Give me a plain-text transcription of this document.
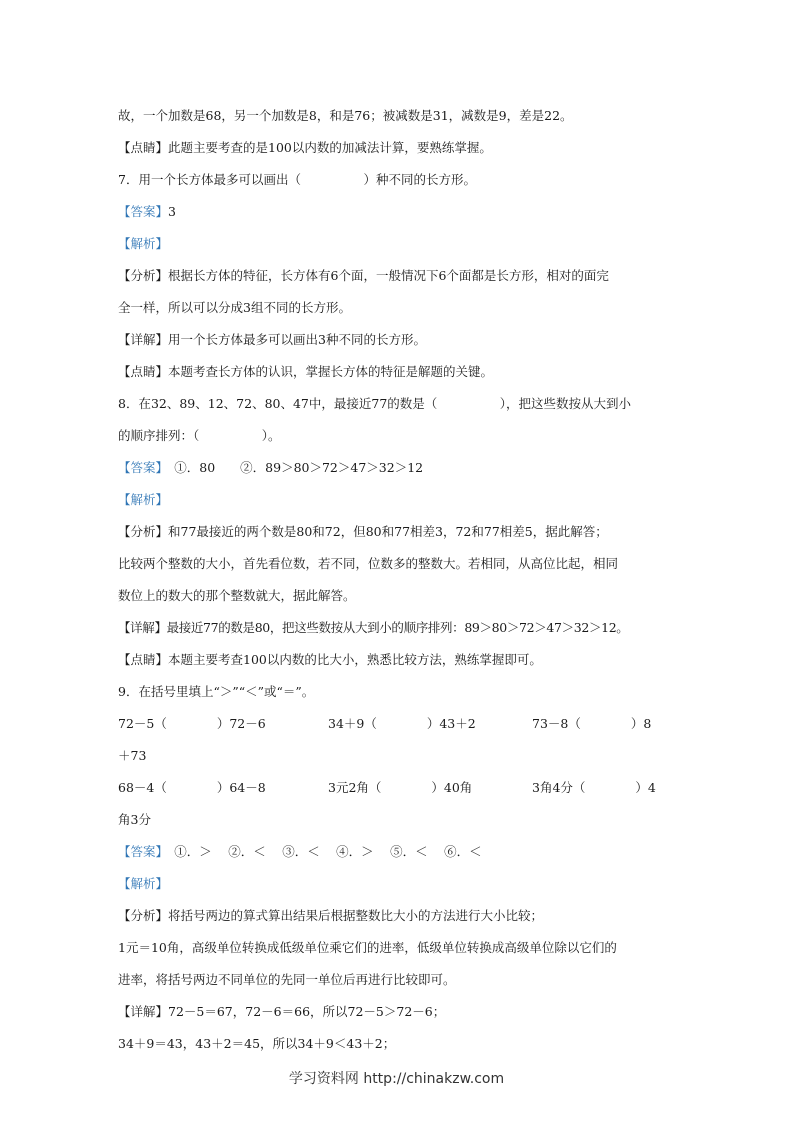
故，一个加数是68，另一个加数是8，和是76；被减数是31，减数是9，差是22。
【点睛】此题主要考查的是100以内数的加减法计算，要熟练掌握。
7．用一个长方体最多可以画出（　　　　　）种不同的长方形。
【答案】3
【解析】
【分析】根据长方体的特征，长方体有6个面，一般情况下6个面都是长方形，相对的面完
全一样，所以可以分成3组不同的长方形。
【详解】用一个长方体最多可以画出3种不同的长方形。
【点睛】本题考查长方体的认识，掌握长方体的特征是解题的关键。
8．在32、89、12、72、80、47中，最接近77的数是（　　　　　），把这些数按从大到小
的顺序排列：（　　　　　）。
【答案】　①．80　　②．89＞80＞72＞47＞32＞12
【解析】
【分析】和77最接近的两个数是80和72，但80和77相差3，72和77相差5，据此解答；
比较两个整数的大小，首先看位数，若不同，位数多的整数大。若相同，从高位比起，相同
数位上的数大的那个整数就大，据此解答。
【详解】最接近77的数是80，把这些数按从大到小的顺序排列：89＞80＞72＞47＞32＞12。
【点睛】本题主要考查100以内数的比大小，熟悉比较方法，熟练掌握即可。
9．在括号里填上“＞”“＜”或“＝”。
72－5（　　　　）72－6	34＋9（　　　　）43＋2	73－8（　　　　）8
＋73
68－4（　　　　）64－8	3元2角（　　　　）40角	3角4分（　　　　）4
角3分
【答案】　①．＞　 ②．＜　 ③．＜　 ④．＞　 ⑤．＜　 ⑥．＜
【解析】
【分析】将括号两边的算式算出结果后根据整数比大小的方法进行大小比较；
1元＝10角，高级单位转换成低级单位乘它们的进率，低级单位转换成高级单位除以它们的
进率，将括号两边不同单位的先同一单位后再进行比较即可。
【详解】72－5＝67，72－6＝66，所以72－5＞72－6；
34＋9＝43，43＋2＝45，所以34＋9＜43＋2；
学习资料网 http://chinakzw.com
